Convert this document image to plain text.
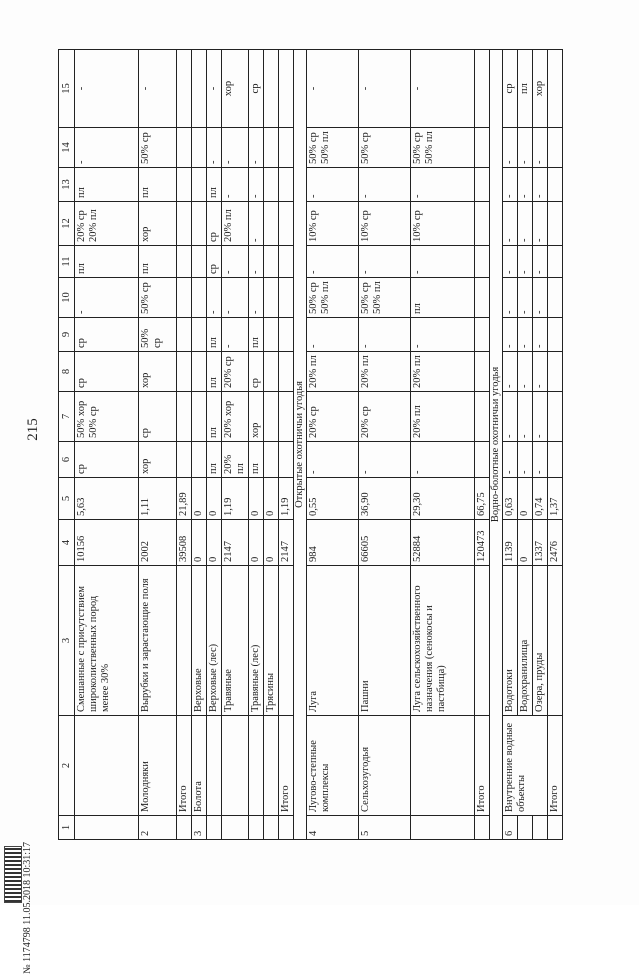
215
1	2	3	4	5	6	7	8	9	10	11	12	13	14	15
		Смешанные с присутствием широколиственных пород менее 30%	10156	5,63	ср	50% хор 50% ср	ср	ср	-	пл	20% ср 20% пл	пл	-	-
2	Молодняки	Вырубки и зарастающие поля	2002	1,11	хор	ср	хор	50% ср	50% ср	пл	хор	пл	50% ср	-
	Итого		39508	21,89										
3	Болота	Верховые	0	0										
		Верховые (лес)	0	0	пл	пл	пл	пл	-	ср	ср	пл	-	-
		Травяные	2147	1,19	20% пл	20% хор	20% ср	-	-	-	20% пл	-	-	хор
		Травяные (лес)	0	0	пл	хор	ср	пл	-	-	-	-	-	ср
		Трясины	0	0										
	Итого		2147	1,19										
Открытые охотничьи угодья														
4	Лугово-степные комплексы	Луга	984	0,55	-	20% ср	20% пл	-	50% ср 50% пл	-	10% ср	-	50% ср 50% пл	-
5	Сельхозугодья	Пашни	66605	36,90	-	20% ср	20% пл	-	50% ср 50% пл	-	10% ср	-	50% ср	-
		Луга сельскохозяйственного назначения (сенокосы и пастбища)	52884	29,30	-	20% пл	20% пл	-	пл	-	10% ср	-	50% ср 50% пл	-
	Итого		120473	66,75										
Водно-болотные охотничьи угодья														
6	Внутренние водные объекты	Водотоки	1139	0,63	-	-	-	-	-	-	-	-	-	ср
		Водохранилища	0	0	-	-	-	-	-	-	-	-	-	пл
		Озера, пруды	1337	0,74	-	-	-	-	-	-	-	-	-	хор
	Итого		2476	1,37										
№ 1174798 11.05.2018 10:31:17
